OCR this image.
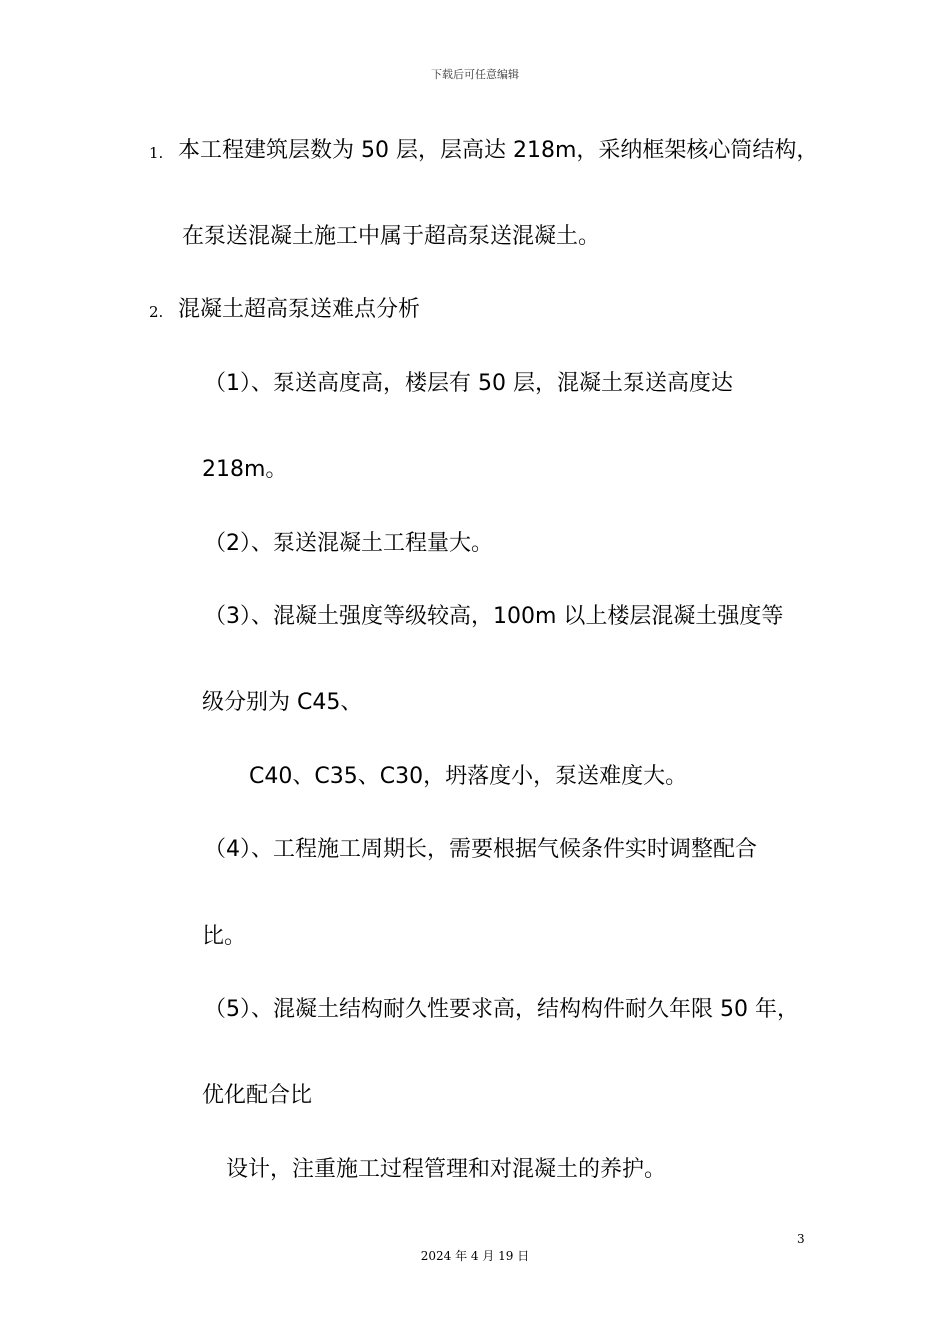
下载后可任意编辑
1. 本工程建筑层数为 50 层，层高达 218m，采纳框架核心筒结构，
在泵送混凝土施工中属于超高泵送混凝土。
2. 混凝土超高泵送难点分析
（1）、泵送高度高，楼层有 50 层，混凝土泵送高度达
218m。
（2）、泵送混凝土工程量大。
（3）、混凝土强度等级较高，100m 以上楼层混凝土强度等
级分别为 C45、
C40、C35、C30，坍落度小，泵送难度大。
（4）、工程施工周期长，需要根据气候条件实时调整配合
比。
（5）、混凝土结构耐久性要求高，结构构件耐久年限 50 年，
优化配合比
设计，注重施工过程管理和对混凝土的养护。
3
2024 年 4 月 19 日
